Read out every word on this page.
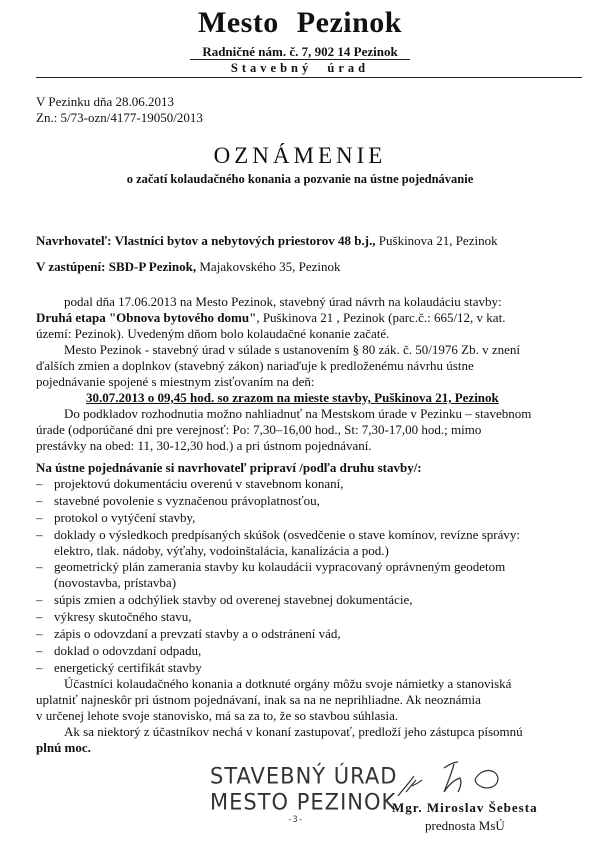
Mesto Pezinok
Radničné nám. č. 7, 902 14 Pezinok
Stavebný úrad
V Pezinku dňa 28.06.2013
Zn.: 5/73-ozn/4177-19050/2013
OZNÁMENIE
o začatí kolaudačného konania a pozvanie na ústne pojednávanie
Navrhovateľ: Vlastníci bytov a nebytových priestorov 48 b.j., Puškinova 21, Pezinok
V zastúpení: SBD-P Pezinok, Majakovského 35, Pezinok
podal dňa 17.06.2013 na Mesto Pezinok, stavebný úrad návrh na kolaudáciu stavby:
Druhá etapa "Obnova bytového domu", Puškinova 21 , Pezinok (parc.č.: 665/12, v kat.
území: Pezinok). Uvedeným dňom bolo kolaudačné konanie začaté.
Mesto Pezinok - stavebný úrad v súlade s ustanovením § 80 zák. č. 50/1976 Zb. v znení
ďalších zmien a doplnkov (stavebný zákon) nariaďuje k predloženému návrhu ústne
pojednávanie spojené s miestnym zisťovaním na deň:
30.07.2013 o 09,45 hod. so zrazom na mieste stavby, Puškinova 21, Pezinok
Do podkladov rozhodnutia možno nahliadnuť na Mestskom úrade v Pezinku – stavebnom
úrade (odporúčané dni pre verejnosť: Po: 7,30–16,00 hod., St: 7,30-17,00 hod.; mimo
prestávky na obed: 11, 30-12,30 hod.) a pri ústnom pojednávaní.
Na ústne pojednávanie si navrhovateľ pripraví /podľa druhu stavby/:
– projektovú dokumentáciu overenú v stavebnom konaní,
– stavebné povolenie s vyznačenou právoplatnosťou,
– protokol o vytýčení stavby,
– doklady o výsledkoch predpísaných skúšok (osvedčenie o stave komínov, revízne správy:
elektro, tlak. nádoby, výťahy, vodoinštalácia, kanalizácia a pod.)
– geometrický plán zamerania stavby ku kolaudácii vypracovaný oprávneným geodetom
(novostavba, prístavba)
– súpis zmien a odchýliek stavby od overenej stavebnej dokumentácie,
– výkresy skutočného stavu,
– zápis o odovzdaní a prevzatí stavby a o odstránení vád,
– doklad o odovzdaní odpadu,
– energetický certifikát stavby
Účastníci kolaudačného konania a dotknuté orgány môžu svoje námietky a stanoviská
uplatniť najneskôr pri ústnom pojednávaní, inak sa na ne neprihliadne. Ak neoznámia
v určenej lehote svoje stanovisko, má sa za to, že so stavbou súhlasia.
Ak sa niektorý z účastníkov nechá v konaní zastupovať, predloží jeho zástupca písomnú
plnú moc.
STAVEBNÝ ÚRAD
MESTO PEZINOK
-3-
Mgr. Miroslav Šebesta
prednosta MsÚ
